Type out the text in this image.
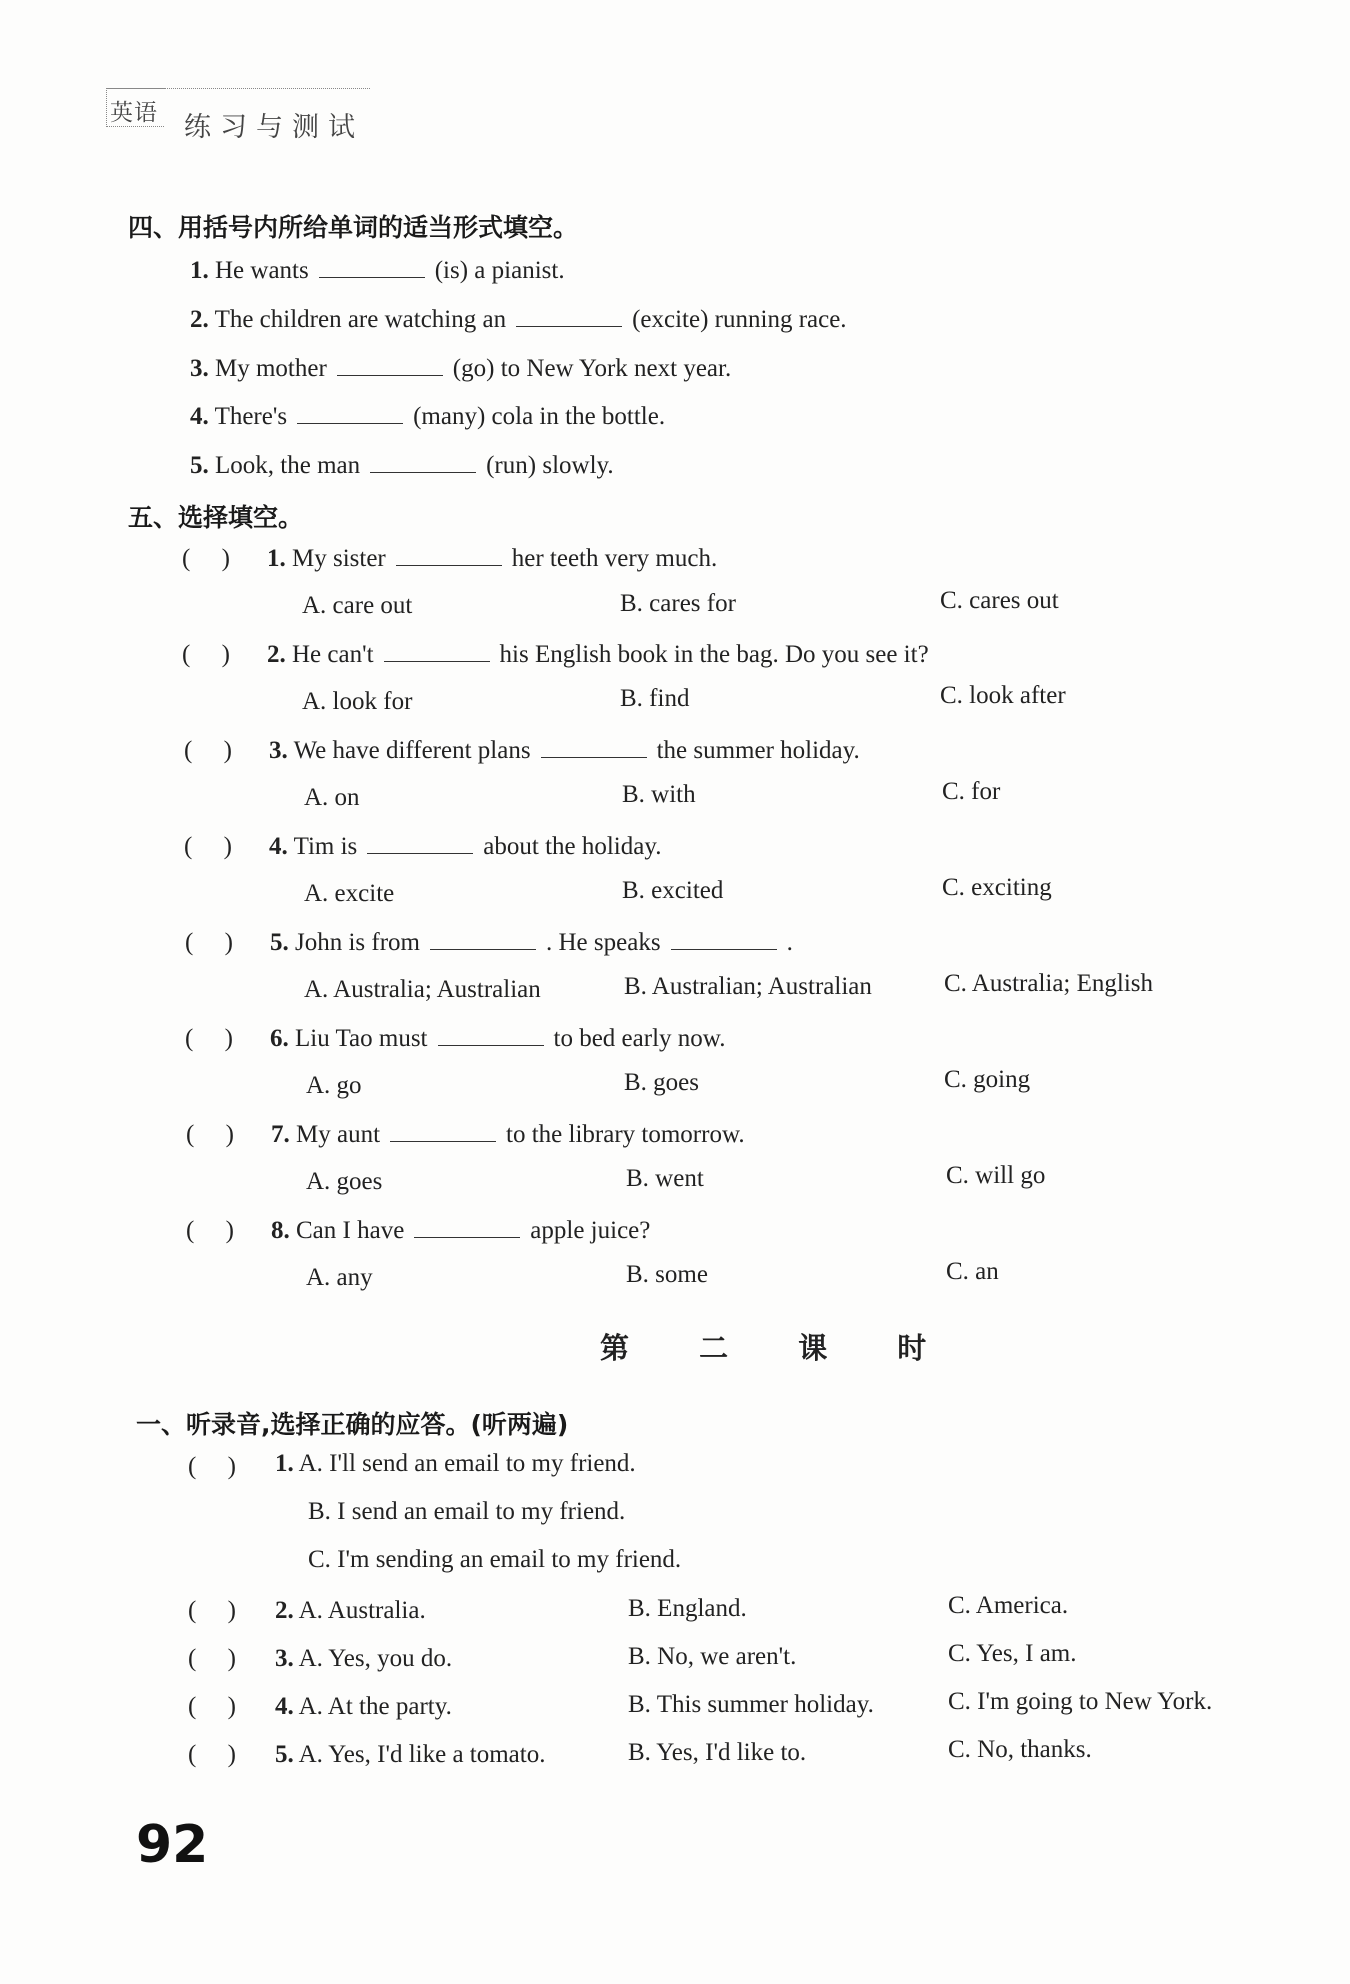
英语 练习与测试
四、用括号内所给单词的适当形式填空。
1. He wants	(is) a pianist.
2. The children are watching an	(excite) running race.
3. My mother	(go) to New York next year.
4. There's	(many) cola in the bottle.
5. Look, the man	(run) slowly.
五、选择填空。
(     ) 1. My sister	her teeth very much.
A. care out	B. cares for	C. cares out
(     ) 2. He can't	his English book in the bag. Do you see it?
A. look for	B. find	C. look after
(     ) 3. We have different plans	the summer holiday.
A. on	B. with	C. for
(     ) 4. Tim is	about the holiday.
A. excite	B. excited	C. exciting
(     ) 5. John is from	. He speaks	.
A. Australia; Australian	B. Australian; Australian	C. Australia; English
(     ) 6. Liu Tao must	to bed early now.
A. go	B. goes	C. going
(     ) 7. My aunt	to the library tomorrow.
A. goes	B. went	C. will go
(     ) 8. Can I have	apple juice?
A. any	B. some	C. an
第 二 课 时
一、听录音,选择正确的应答。(听两遍)
(     ) 1. A. I'll send an email to my friend.
B. I send an email to my friend.
C. I'm sending an email to my friend.
(     ) 2. A. Australia.	B. England.	C. America.
(     ) 3. A. Yes, you do.	B. No, we aren't.	C. Yes, I am.
(     ) 4. A. At the party.	B. This summer holiday.	C. I'm going to New York.
(     ) 5. A. Yes, I'd like a tomato.	B. Yes, I'd like to.	C. No, thanks.
92
